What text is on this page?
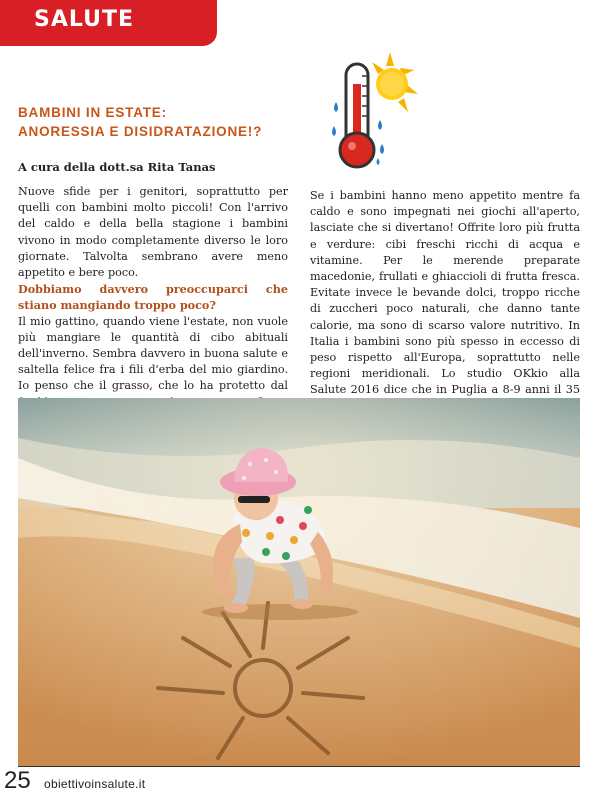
SALUTE
BAMBINI IN ESTATE:
ANORESSIA E DISIDRATAZIONE!?
A cura della dott.sa Rita Tanas

Nuove sfide per i genitori, soprattutto per quelli con bambini molto piccoli! Con l'arrivo del caldo e della bella stagione i bambini vivono in modo completamente diverso le loro giornate. Talvolta sembrano avere meno appetito e bere poco.

Dobbiamo davvero preoccuparci che stiano mangiando troppo poco?

Il mio gattino, quando viene l'estate, non vuole più mangiare le quantità di cibo abituali dell'inverno. Sembra davvero in buona salute e saltella felice fra i fili d'erba del mio giardino. Io penso che il grasso, che lo ha protetto dal

Se i bambini hanno meno appetito mentre fa caldo e sono impegnati nei giochi all'aperto, lasciate che si divertano! Offrite loro più frutta e verdure: cibi freschi ricchi di acqua e vitamine. Per le merende preparate macedonie, frullati e ghiaccioli di frutta fresca. Evitate invece le bevande dolci, troppo ricche di zuccheri poco naturali, che danno tante calorie, ma sono di scarso valore nutritivo. In Italia i bambini sono più spesso in eccesso di peso rispetto all'Europa, soprattutto nelle regioni meridionali. Lo studio OKkio alla Salute 2016 dice che in Puglia a 8-9 anni il 35

25 obiettivoinsalute.it
